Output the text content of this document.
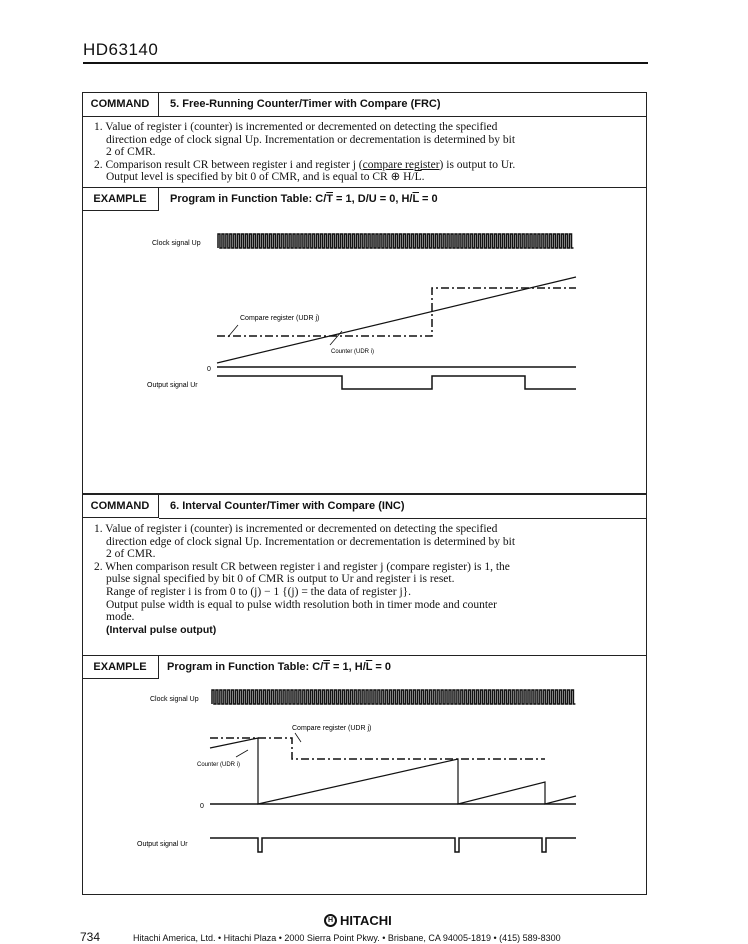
HD63140
COMMAND	5. Free-Running Counter/Timer with Compare (FRC)

1. Value of register i (counter) is incremented or decremented on detecting the specified

direction edge of clock signal Up. Incrementation or decrementation is determined by bit

2 of CMR.

2. Comparison result CR between register i and register j (compare register) is output to Ur.

Output level is specified by bit 0 of CMR, and is equal to CR ⊕ $H/\overline{L}$.

EXAMPLE	Program in Function Table: $C/\overline{T} = 1$, D/U = 0, $H/\overline{L} = 0$
Clock signal Up
Compare register (UDR j)
Counter (UDR i)
0
Output signal Ur
COMMAND	6. Interval Counter/Timer with Compare (INC)

1. Value of register i (counter) is incremented or decremented on detecting the specified

direction edge of clock signal Up. Incrementation or decrementation is determined by bit

2 of CMR.

2. When comparison result CR between register i and register j (compare register) is 1, the

pulse signal specified by bit 0 of CMR is output to Ur and register i is reset.

Range of register i is from 0 to (j) − 1 {(j) = the data of register j}.

Output pulse width is equal to pulse width resolution both in timer mode and counter

mode.

(Interval pulse output)

EXAMPLE	Program in Function Table: $C/\overline{T} = 1$, $H/\overline{L} = 0$
Clock signal Up
Compare register (UDR j)
Counter (UDR i)
0
Output signal Ur
H HITACHI
734	Hitachi America, Ltd. • Hitachi Plaza • 2000 Sierra Point Pkwy. • Brisbane, CA 94005-1819 • (415) 589-8300
